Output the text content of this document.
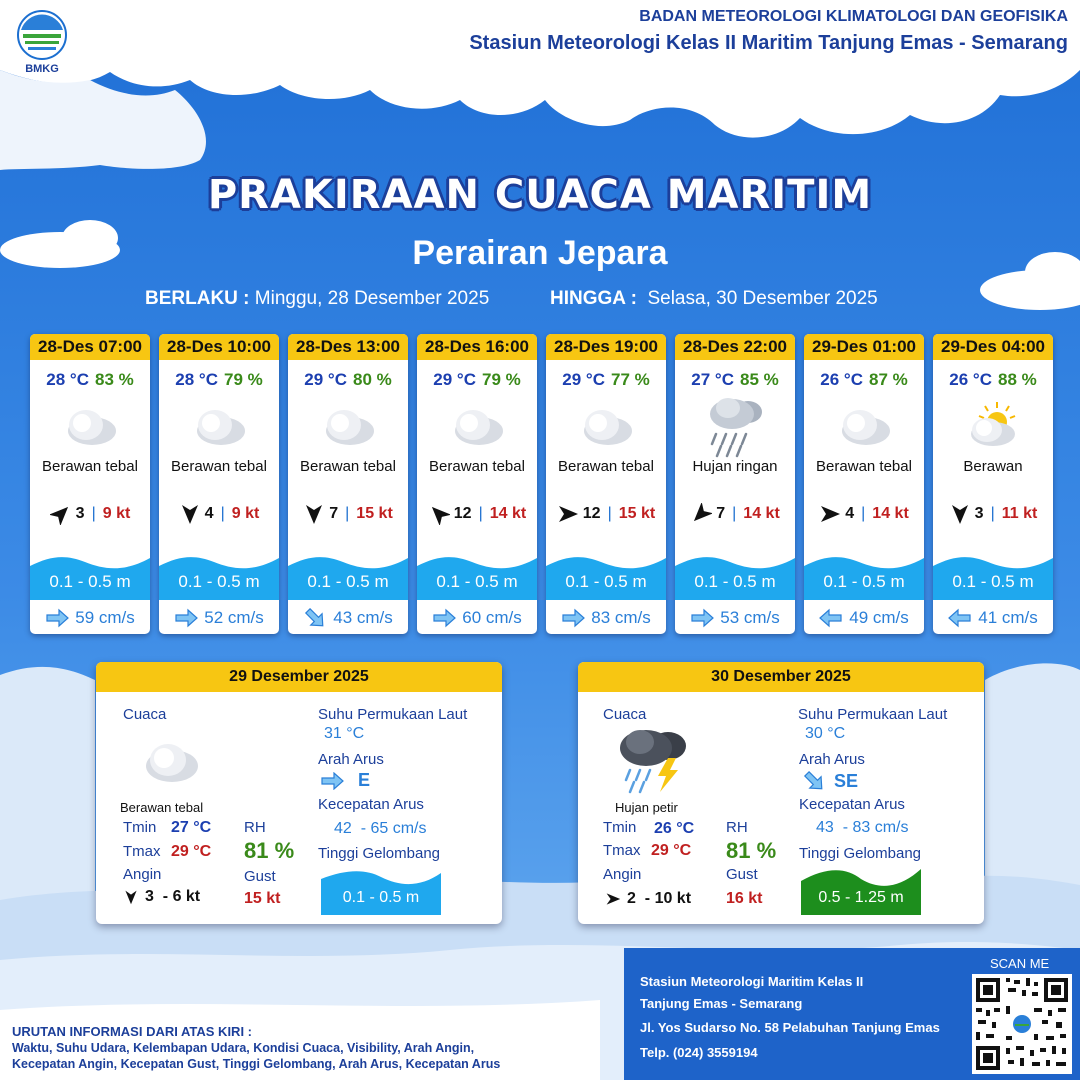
BMKG
BADAN METEOROLOGI KLIMATOLOGI DAN GEOFISIKA
Stasiun Meteorologi Kelas II Maritim Tanjung Emas - Semarang
PRAKIRAAN CUACA MARITIM
Perairan Jepara
BERLAKU : Minggu, 28 Desember 2025	HINGGA : Selasa, 30 Desember 2025
28-Des 07:00
28 °C 83 %
Berawan tebal
3 | 9 kt
0.1 - 0.5 m
59 cm/s
28-Des 10:00
28 °C 79 %
Berawan tebal
4 | 9 kt
0.1 - 0.5 m
52 cm/s
28-Des 13:00
29 °C 80 %
Berawan tebal
7 | 15 kt
0.1 - 0.5 m
43 cm/s
28-Des 16:00
29 °C 79 %
Berawan tebal
12 | 14 kt
0.1 - 0.5 m
60 cm/s
28-Des 19:00
29 °C 77 %
Berawan tebal
12 | 15 kt
0.1 - 0.5 m
83 cm/s
28-Des 22:00
27 °C 85 %
Hujan ringan
7 | 14 kt
0.1 - 0.5 m
53 cm/s
29-Des 01:00
26 °C 87 %
Berawan tebal
4 | 14 kt
0.1 - 0.5 m
49 cm/s
29-Des 04:00
26 °C 88 %
Berawan
3 | 11 kt
0.1 - 0.5 m
41 cm/s
29 Desember 2025
Cuaca
Berawan tebal
Tmin 27 °C
Tmax 29 °C
RH
81 %
Angin
3  - 6 kt
Gust
15 kt
Suhu Permukaan Laut
31 °C
Arah Arus
E
Kecepatan Arus
42  - 65 cm/s
Tinggi Gelombang
0.1 - 0.5 m
30 Desember 2025
Cuaca
Hujan petir
Tmin 26 °C
Tmax 29 °C
RH
81 %
Angin
2  - 10 kt
Gust
16 kt
Suhu Permukaan Laut
30 °C
Arah Arus
SE
Kecepatan Arus
43  - 83 cm/s
Tinggi Gelombang
0.5 - 1.25 m
URUTAN INFORMASI DARI ATAS KIRI :
Waktu, Suhu Udara, Kelembapan Udara, Kondisi Cuaca, Visibility, Arah Angin,
Kecepatan Angin, Kecepatan Gust, Tinggi Gelombang, Arah Arus, Kecepatan Arus
Stasiun Meteorologi Maritim Kelas II
Tanjung Emas - Semarang
Jl. Yos Sudarso No. 58 Pelabuhan Tanjung Emas
Telp. (024) 3559194
SCAN ME
